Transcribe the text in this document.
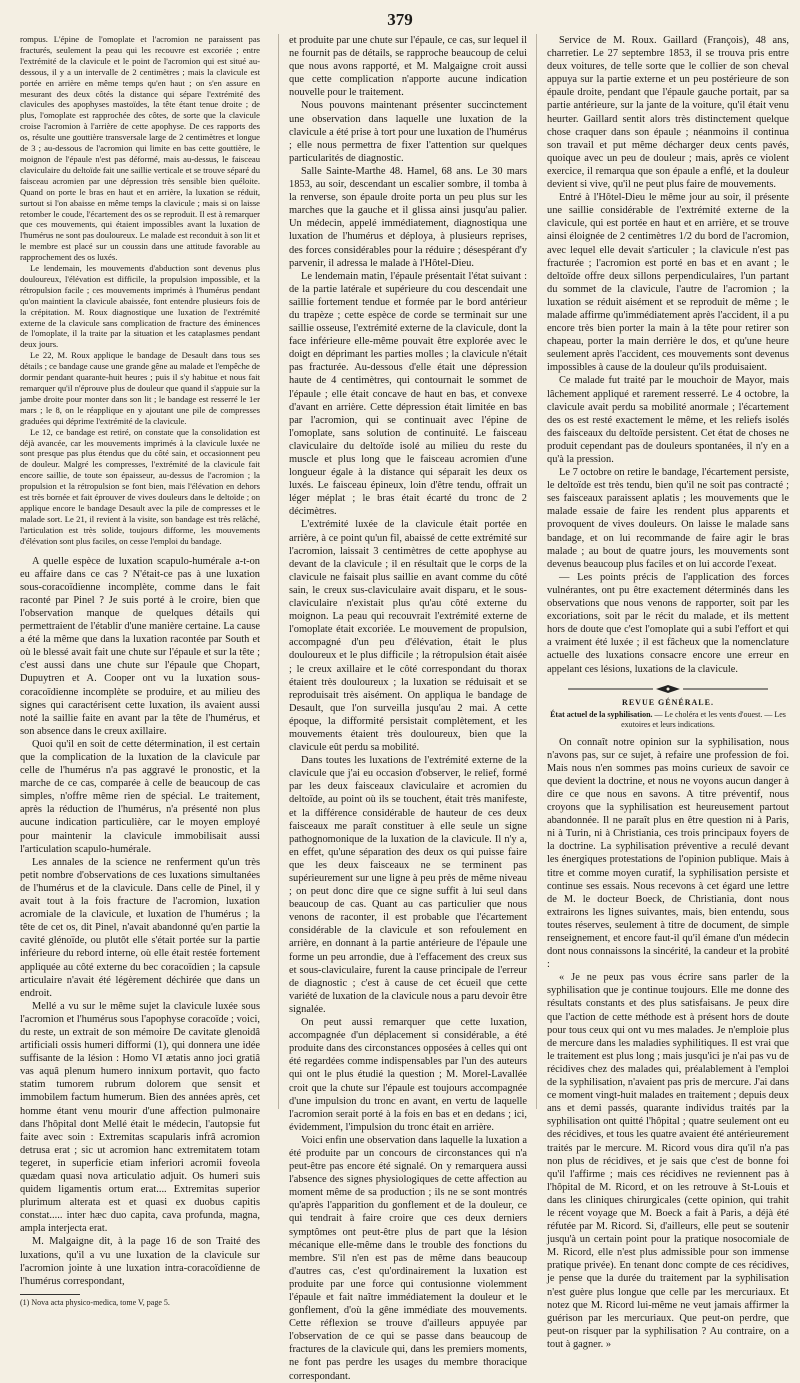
379

rompus. L'épine de l'omoplate et l'acromion ne paraissent pas fracturés, seulement la peau qui les recouvre est excoriée ; entre l'extrémité de la clavicule et le point de l'acromion qui est situé au-dessous, il y a un intervalle de 2 centimètres ; mais la clavicule est portée en arrière en même temps qu'en haut ; on s'en assure en mesurant des deux côtés la distance qui sépare l'extrémité des clavicules des apophyses mastoïdes, la tête étant tenue droite ; de plus, l'omoplate est rapprochée des côtes, de sorte que la clavicule croise l'acromion à l'arrière de cette apophyse. De ces rapports des os, résulte une gouttière transversale large de 2 centimètres et longue de 3 ; au-dessous de l'acromion qui limite en bas cette gouttière, le moignon de l'épaule n'est pas déformé, mais au-dessus, le faisceau claviculaire du deltoïde fait une saillie verticale et se trouve séparé du faisceau acromien par une dépression très sensible bien quéloite. Quand on porte le bras en haut et en arrière, la luxation se réduit, surtout si l'on abaisse en même temps la clavicule ; mais si on laisse retomber le coude, l'écartement des os se reproduit. Il est à remarquer que ces mouvements, qui étaient impossibles avant la luxation de l'humérus ne sont pas douloureux. Le malade est reconduit à son lit et le membre est placé sur un coussin dans une attitude favorable au rapprochement des os luxés.

Le lendemain, les mouvements d'abduction sont devenus plus douloureux, l'élévation est difficile, la propulsion impossible, et la rétropulsion facile ; ces mouvements imprimés à l'humérus pendant qu'on maintient la clavicule abaissée, font entendre plusieurs fois de la crépitation. M. Roux diagnostique une luxation de l'extrémité externe de la clavicule sans complication de fracture des éminences de l'omoplate, il la traite par la situation et les cataplasmes pendant deux jours.

Le 22, M. Roux applique le bandage de Desault dans tous ses détails ; ce bandage cause une grande gêne au malade et l'empêche de dormir pendant quarante-huit heures ; puis il s'y habitue et nous fait remarquer qu'il n'éprouve plus de douleur que quand il s'appuie sur la jambe droite pour monter dans son lit ; le bandage est resserré le 1er mars ; le 8, on le réapplique en y ajoutant une pile de compresses graduées qui déprime l'extrémité de la clavicule.

Le 12, ce bandage est retiré, on constate que la consolidation est déjà avancée, car les mouvements imprimés à la clavicule luxée ne sont presque pas plus étendus que du côté sain, et occasionnent peu de douleur. Malgré les compresses, l'extrémité de la clavicule fait encore saillie, de toute son épaisseur, au-dessus de l'acromion ; la propulsion et la rétropulsion se font bien, mais l'élévation en dehors est très bornée et fait éprouver de vives douleurs dans le deltoïde ; on applique encore le bandage Desault avec la pile de compresses et le malade sort. Le 21, il revient à la visite, son bandage est très relâché, l'articulation est très solide, toujours difforme, les mouvements d'élévation sont plus faciles, on cesse l'emploi du bandage.

A quelle espèce de luxation scapulo-humérale a-t-on eu affaire dans ce cas ? N'était-ce pas à une luxation sous-coracoïdienne incomplète, comme dans le fait raconté par Pinel ? Je suis porté à le croire, bien que l'observation manque de quelques détails qui permettraient de l'établir d'une manière certaine. La cause a été la même que dans la luxation racontée par South et où le blessé avait fait une chute sur l'épaule et sur la tête ; c'est aussi dans une chute sur l'épaule que Chopart, Dupuytren et A. Cooper ont vu la luxation sous-coracoïdienne incomplète se produire, et au milieu des signes qui caractérisent cette luxation, ils avaient aussi noté la saillie faite en avant par la tête de l'humérus, et son absence dans le creux axillaire.

Quoi qu'il en soit de cette détermination, il est certain que la complication de la luxation de la clavicule par celle de l'humérus n'a pas aggravé le pronostic, et la marche de ce cas, comparée à celle de beaucoup de cas simples, n'offre même rien de spécial. Le traitement, après la réduction de l'humérus, n'a présenté non plus aucune indication particulière, car le moyen employé pour maintenir la clavicule immobilisait aussi l'articulation scapulo-humérale.

Les annales de la science ne renferment qu'un très petit nombre d'observations de ces luxations simultanées de l'humérus et de la clavicule. Dans celle de Pinel, il y avait tout à la fois fracture de l'acromion, luxation acromiale de la clavicule, et luxation de l'humérus ; la tête de cet os, dit Pinel, n'avait abandonné qu'en partie la cavité glénoïde, ou plutôt elle s'était portée sur la partie inférieure du rebord interne, où elle était restée fortement appliquée au côté externe du bec coracoïdien ; la capsule articulaire n'avait été légèrement déchirée que dans un endroit.

Mellé a vu sur le même sujet la clavicule luxée sous l'acromion et l'humérus sous l'apophyse coracoïde ; voici, du reste, un extrait de son mémoire De cavitate glenoidâ artificiali ossis humeri difformi (1), qui donnera une idée suffisante de la lésion : Homo VI ætatis anno joci gratiâ vas aquâ plenum humero innixum portavit, quo facto statim tumorem rubrum dolorem que sensit et immobilem factum humerum. Bien des années après, cet homme étant venu mourir d'une affection pulmonaire dans l'hôpital dont Mellé était le médecin, l'autopsie fut faite avec soin : Extremitas scapularis infrâ acromion detrusa erat ; sic ut acromion hanc extremitatem totam tegeret, in superficie etiam inferiori acromii foveola quædam quasi nova articulatio adjuit. Os humeri suis quidem ligamentis ortum erat.... Extremitas superior plurimum alterata est et quasi ex duobus capitis constat..... inter hæc duo capita, cava profunda, magna, ampla interjecta erat.

M. Malgaigne dit, à la page 16 de son Traité des luxations, qu'il a vu une luxation de la clavicule sur l'acromion jointe à une luxation intra-coracoïdienne de l'humérus correspondant,

(1) Nova acta physico-medica, tome V, page 5.

et produite par une chute sur l'épaule, ce cas, sur lequel il ne fournit pas de détails, se rapproche beaucoup de celui que nous avons rapporté, et M. Malgaigne croit aussi que cette complication n'apporte aucune indication nouvelle pour le traitement.

Nous pouvons maintenant présenter succinctement une observation dans laquelle une luxation de la clavicule a été prise à tort pour une luxation de l'humérus ; elle nous permettra de fixer l'attention sur quelques particularités de diagnostic.

Salle Sainte-Marthe 48. Hamel, 68 ans. Le 30 mars 1853, au soir, descendant un escalier sombre, il tomba à la renverse, son épaule droite porta un peu plus sur les marches que la gauche et il glissa ainsi jusqu'au palier. Un médecin, appelé immédiatement, diagnostiqua une luxation de l'humérus et déploya, à plusieurs reprises, des forces considérables pour la réduire ; désespérant d'y parvenir, il adressa le malade à l'Hôtel-Dieu.

Le lendemain matin, l'épaule présentait l'état suivant : de la partie latérale et supérieure du cou descendait une saillie fortement tendue et formée par le bord antérieur du trapèze ; cette espèce de corde se terminait sur une saillie osseuse, l'extrémité externe de la clavicule, dont la face inférieure elle-même pouvait être explorée avec le doigt en déprimant les parties molles ; la clavicule n'était pas fracturée. Au-dessous d'elle était une dépression haute de 4 centimètres, qui contournait le sommet de l'épaule ; elle était concave de haut en bas, et convexe d'avant en arrière. Cette dépression était limitée en bas par l'acromion, qui se continuait avec l'épine de l'omoplate, sans solution de continuité. Le faisceau claviculaire du deltoïde isolé au milieu du reste du muscle et plus long que le faisceau acromien d'une longueur égale à la distance qui séparait les deux os luxés. Le faisceau épineux, loin d'être tendu, offrait un léger méplat ; le bras était écarté du tronc de 2 décimètres.

L'extrémité luxée de la clavicule était portée en arrière, à ce point qu'un fil, abaissé de cette extrémité sur l'acromion, laissait 3 centimètres de cette apophyse au devant de la clavicule ; il en résultait que le corps de la clavicule ne faisait plus saillie en avant comme du côté sain, le creux sus-claviculaire avait disparu, et le sous-claviculaire n'existait plus qu'au côté externe du moignon. La peau qui recouvrait l'extrémité externe de l'omoplate était excoriée. Le mouvement de propulsion, accompagné d'un peu d'élévation, était le plus douloureux et le plus difficile ; la rétropulsion était aisée ; le creux axillaire et le côté correspondant du thorax étaient très douloureux ; la luxation se réduisait et se reproduisait très aisément. On appliqua le bandage de Desault, que l'on surveilla jusqu'au 2 mai. A cette époque, la difformité persistait complètement, et les mouvements étaient très douloureux, bien que la clavicule eût perdu sa mobilité.

Dans toutes les luxations de l'extrémité externe de la clavicule que j'ai eu occasion d'observer, le relief, formé par les deux faisceaux claviculaire et acromien du deltoïde, au point où ils se touchent, était très manifeste, et la différence considérable de hauteur de ces deux faisceaux me paraît constituer à elle seule un signe pathognomonique de la luxation de la clavicule. Il n'y a, en effet, qu'une séparation des deux os qui puisse faire que les deux faisceaux ne se terminent pas supérieurement sur une ligne à peu près de même niveau ; on peut donc dire que ce signe suffit à lui seul dans beaucoup de cas. Quant au cas particulier que nous venons de raconter, il est probable que l'écartement considérable de la clavicule et son refoulement en arrière, en donnant à la partie antérieure de l'épaule une forme un peu arrondie, due à l'effacement des creux sus et sous-claviculaire, furent la cause principale de l'erreur de diagnostic ; c'est à cause de cet écueil que cette variété de luxation de la clavicule nous a paru devoir être signalée.

On peut aussi remarquer que cette luxation, accompagnée d'un déplacement si considérable, a été produite dans des circonstances opposées à celles qui ont été regardées comme indispensables par l'un des auteurs qui ont le plus étudié la question ; M. Morel-Lavallée croit que la chute sur l'épaule est toujours accompagnée d'une impulsion du tronc en avant, en vertu de laquelle l'acromion serait porté à la fois en bas et en dedans ; ici, évidemment, l'impulsion du tronc était en arrière.

Voici enfin une observation dans laquelle la luxation a été produite par un concours de circonstances qui n'a peut-être pas encore été signalé. On y remarquera aussi l'absence des signes physiologiques de cette affection au moment même de sa production ; ils ne se sont montrés qu'après l'apparition du gonflement et de la douleur, ce qui tendrait à faire croire que ces deux derniers symptômes ont peut-être plus de part que la lésion mécanique elle-même dans le trouble des fonctions du membre. S'il n'en est pas de même dans beaucoup d'autres cas, c'est qu'ordinairement la luxation est produite par une force qui contusionne violemment l'épaule et fait naître immédiatement la douleur et le gonflement, d'où la gêne immédiate des mouvements. Cette réflexion se trouve d'ailleurs appuyée par l'observation de ce qui se passe dans beaucoup de fractures de la clavicule qui, dans les premiers moments, ne font pas perdre les usages du membre thoracique correspondant.

Service de M. Roux. Gaillard (François), 48 ans, charretier. Le 27 septembre 1853, il se trouva pris entre deux voitures, de telle sorte que le collier de son cheval appuya sur la partie externe et un peu postérieure de son épaule droite, pendant que l'épaule gauche portait, par sa partie antérieure, sur la jante de la voiture, qu'il était venu heurter. Gaillard sentit alors très distinctement quelque chose craquer dans son épaule ; néanmoins il continua son travail et put même décharger deux cents pavés, quoique avec un peu de douleur ; mais, après ce violent exercice, il remarqua que son épaule a enflé, et la douleur devient si vive, qu'il ne peut plus faire de mouvements.

Entré à l'Hôtel-Dieu le même jour au soir, il présente une saillie considérable de l'extrémité externe de la clavicule, qui est portée en haut et en arrière, et se trouve ainsi éloignée de 2 centimètres 1/2 du bord de l'acromion, avec lequel elle devait s'articuler ; la clavicule n'est pas fracturée ; l'acromion est porté en bas et en avant ; le deltoïde offre deux sillons perpendiculaires, l'un partant du sommet de la clavicule, l'autre de l'acromion ; la luxation se réduit aisément et se reproduit de même ; le malade affirme qu'immédiatement après l'accident, il a pu encore très bien porter la main à la tête pour retirer son chapeau, porter la main derrière le dos, et qu'une heure seulement après l'accident, ces mouvements sont devenus impossibles à cause de la douleur qu'ils produisaient.

Ce malade fut traité par le mouchoir de Mayor, mais lâchement appliqué et rarement resserré. Le 4 octobre, la clavicule avait perdu sa mobilité anormale ; l'écartement des os est resté exactement le même, et les reliefs isolés des faisceaux du deltoïde persistent. Cet état de choses ne produit cependant pas de douleurs spontanées, il n'y en a qu'à la pression.

Le 7 octobre on retire le bandage, l'écartement persiste, le deltoïde est très tendu, bien qu'il ne soit pas contracté ; ses faisceaux paraissent aplatis ; les mouvements que le malade essaie de faire les rendent plus apparents et provoquent de vives douleurs. On laisse le malade sans bandage, et on lui recommande de faire agir le bras malade ; au bout de quatre jours, les mouvements sont devenus beaucoup plus faciles et on lui accorde l'exeat.

— Les points précis de l'application des forces vulnérantes, ont pu être exactement déterminés dans les observations que nous venons de rapporter, soit par les excoriations, soit par le récit du malade, et ils mettent hors de doute que c'est l'omoplate qui a subi l'effort et qui a vraiment été luxée ; il est fâcheux que la nomenclature actuelle des luxations consacre encore une erreur en appelant ces lésions, luxations de la clavicule.

REVUE GÉNÉRALE.
État actuel de la syphilisation. — Le choléra et les vents d'ouest. — Les exutoires et leurs indications.

On connaît notre opinion sur la syphilisation, nous n'avons pas, sur ce sujet, à refaire une profession de foi. Mais nous n'en sommes pas moins curieux de savoir ce que devient la doctrine, et nous ne voyons aucun danger à dire ce que nous en savons. A titre préventif, nous croyons que la syphilisation est heureusement partout abandonnée. Il ne paraît plus en être question ni à Paris, ni à Turin, ni à Christiania, ces trois principaux foyers de la doctrine. La syphilisation préventive a reculé devant les énergiques protestations de l'opinion publique. Mais à titre et comme moyen curatif, la syphilisation persiste et continue ses essais. Nous recevons à cet égard une lettre de M. le docteur Boeck, de Christiania, dont nous extrairons les lignes suivantes, mais, bien entendu, sous toutes réserves, seulement à titre de document, de simple renseignement, et encore faut-il qu'il émane d'un médecin dont nous connaissons la sincérité, la candeur et la probité :

« Je ne peux pas vous écrire sans parler de la syphilisation que je continue toujours. Elle me donne des résultats constants et des plus satisfaisans. Je peux dire que l'action de cette méthode est à présent hors de doute pour tous ceux qui ont vu mes malades. Je n'emploie plus de mercure dans les maladies syphilitiques. Il est vrai que le traitement est plus long ; mais jusqu'ici je n'ai pas vu de récidives chez des malades qui, préalablement à l'emploi de la syphilisation, n'avaient pas pris de mercure. J'ai dans ce moment vingt-huit malades en traitement ; depuis deux ans et demi passés, quarante individus traités par la syphilisation ont quitté l'hôpital ; quatre seulement ont eu des récidives, et tous les quatre avaient été antérieurement traités par le mercure. M. Ricord vous dira qu'il n'a pas non plus de récidives, et je sais que c'est de bonne foi qu'il l'affirme ; mais ces récidives ne reviennent pas à l'hôpital de M. Ricord, et on les retrouve à St-Louis et dans les cliniques chirurgicales (cette opinion, qui trahit le récent voyage que M. Boeck a fait à Paris, a déjà été réfutée par M. Ricord. Si, d'ailleurs, elle peut se soutenir jusqu'à un certain point pour la pratique nosocomiale de M. Ricord, elle n'est plus admissible pour son immense pratique privée). En tenant donc compte de ces récidives, je pense que la durée du traitement par la syphilisation n'est guère plus longue que celle par les mercuriaux. Et notez que M. Ricord lui-même ne veut jamais affirmer la guérison par les mercuriaux. Que peut-on perdre, que peut-on risquer par la syphilisation ? Au contraire, on a tout à gagner. »
